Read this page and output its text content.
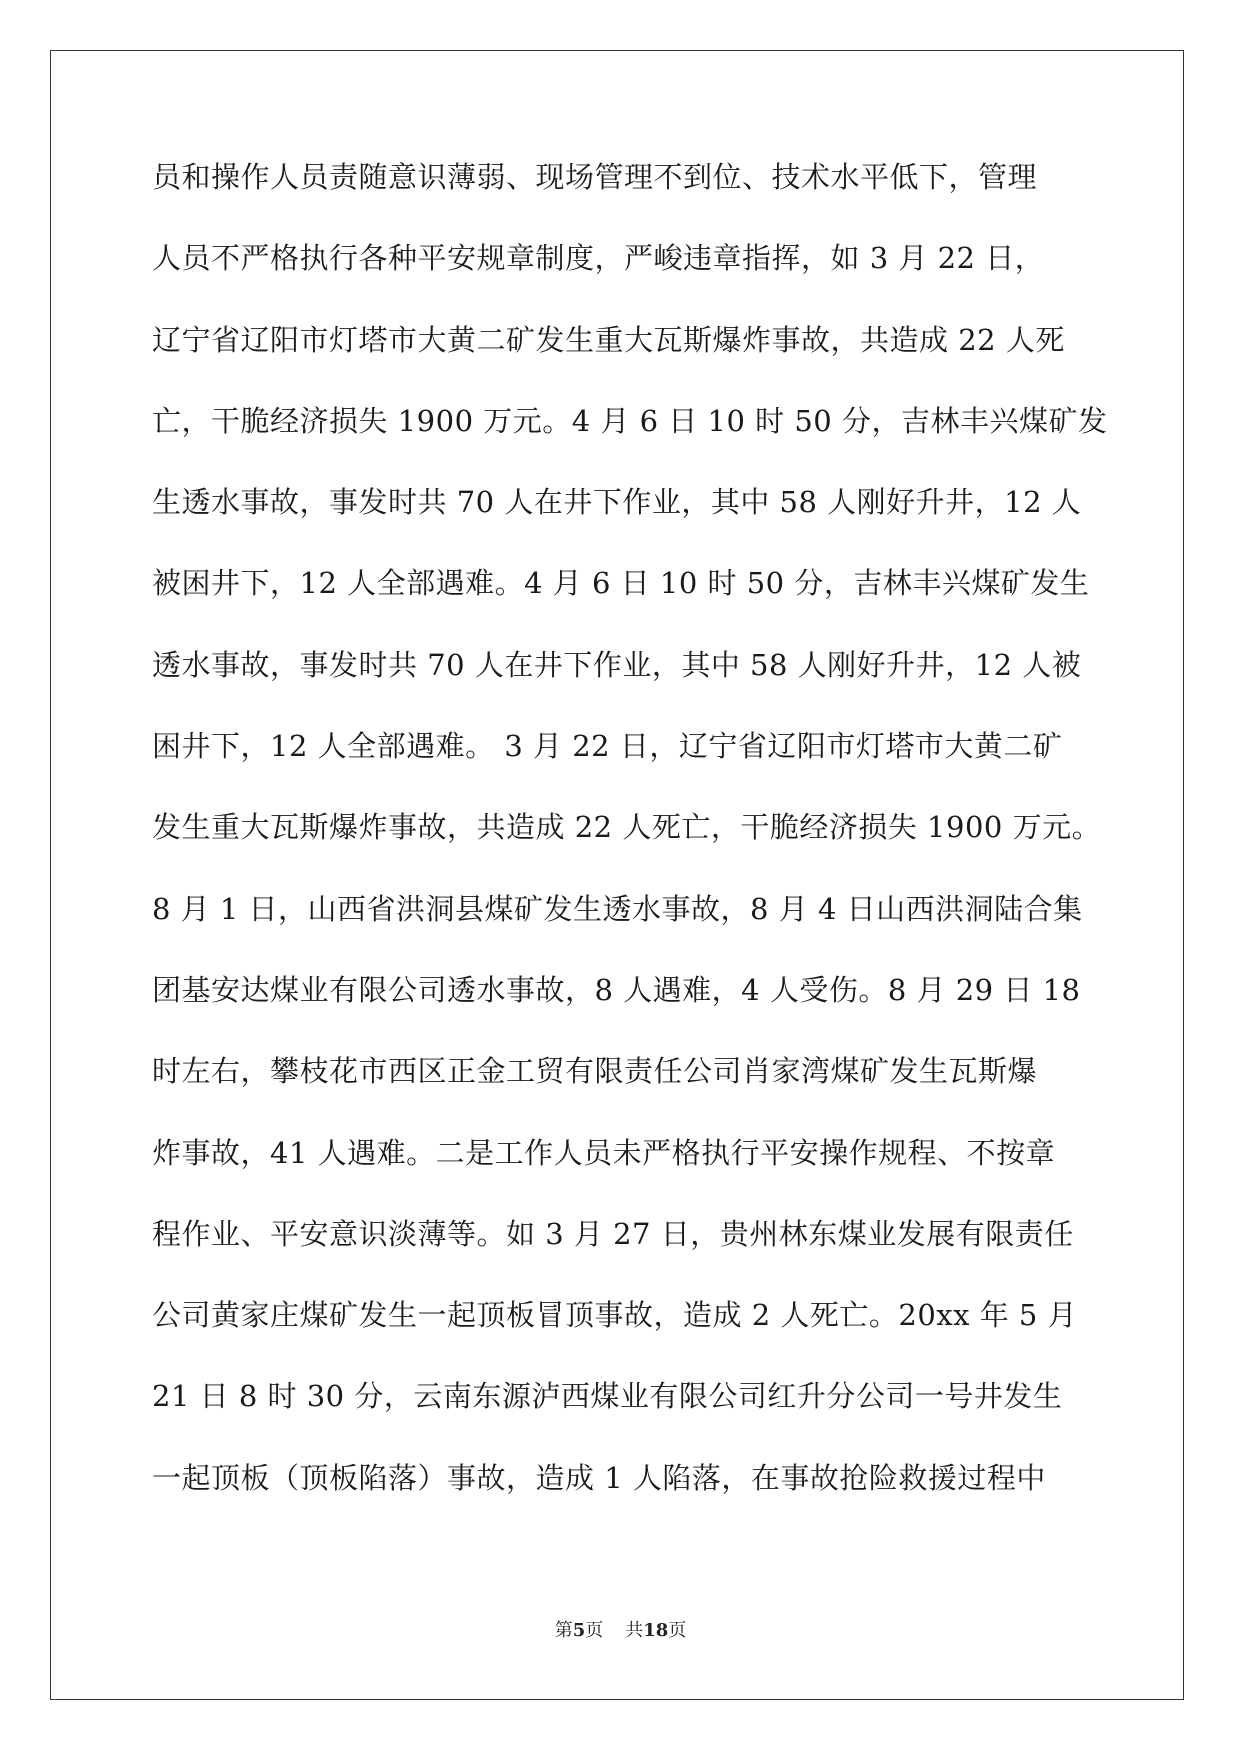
员和操作人员责随意识薄弱、现场管理不到位、技术水平低下，管理
人员不严格执行各种平安规章制度，严峻违章指挥，如 3 月 22 日，
辽宁省辽阳市灯塔市大黄二矿发生重大瓦斯爆炸事故，共造成 22 人死
亡，干脆经济损失 1900 万元。4 月 6 日 10 时 50 分，吉林丰兴煤矿发
生透水事故，事发时共 70 人在井下作业，其中 58 人刚好升井，12 人
被困井下，12 人全部遇难。4 月 6 日 10 时 50 分，吉林丰兴煤矿发生
透水事故，事发时共 70 人在井下作业，其中 58 人刚好升井，12 人被
困井下，12 人全部遇难。 3 月 22 日，辽宁省辽阳市灯塔市大黄二矿
发生重大瓦斯爆炸事故，共造成 22 人死亡，干脆经济损失 1900 万元。
8 月 1 日，山西省洪洞县煤矿发生透水事故，8 月 4 日山西洪洞陆合集
团基安达煤业有限公司透水事故，8 人遇难，4 人受伤。8 月 29 日 18
时左右，攀枝花市西区正金工贸有限责任公司肖家湾煤矿发生瓦斯爆
炸事故，41 人遇难。二是工作人员未严格执行平安操作规程、不按章
程作业、平安意识淡薄等。如 3 月 27 日，贵州林东煤业发展有限责任
公司黄家庄煤矿发生一起顶板冒顶事故，造成 2 人死亡。20xx 年 5 月
21 日 8 时 30 分，云南东源泸西煤业有限公司红升分公司一号井发生
一起顶板（顶板陷落）事故，造成 1 人陷落，在事故抢险救援过程中
第5页 共18页
